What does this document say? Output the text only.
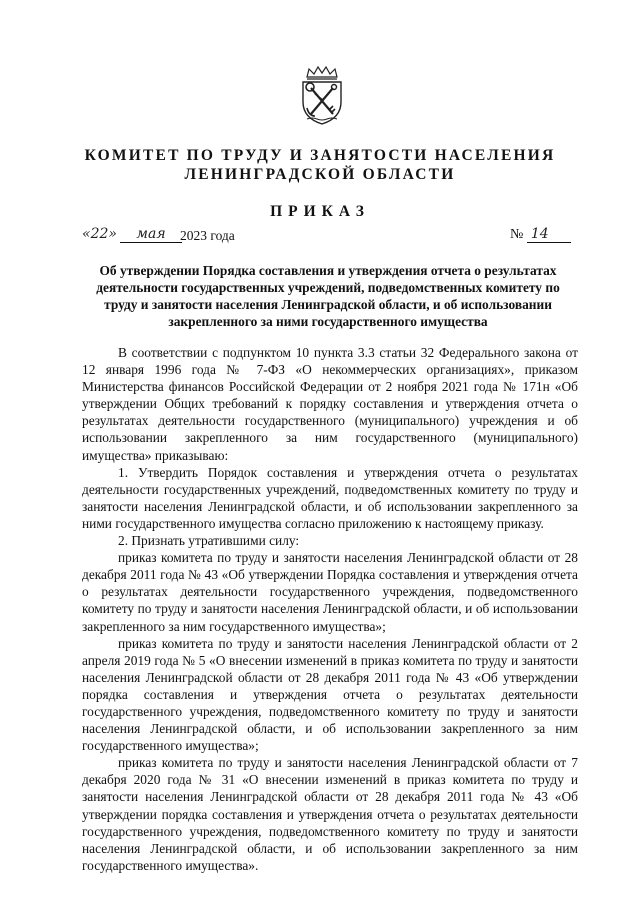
КОМИТЕТ ПО ТРУДУ И ЗАНЯТОСТИ НАСЕЛЕНИЯ
ЛЕНИНГРАДСКОЙ ОБЛАСТИ
ПРИКАЗ
«22»	мая	2023 года	№ 14
Об утверждении Порядка составления и утверждения отчета о результатах деятельности государственных учреждений, подведомственных комитету по труду и занятости населения Ленинградской области, и об использовании закрепленного за ними государственного имущества

В соответствии с подпунктом 10 пункта 3.3 статьи 32 Федерального закона от 12 января 1996 года № 7-ФЗ «О некоммерческих организациях», приказом Министерства финансов Российской Федерации от 2 ноября 2021 года № 171н «Об утверждении Общих требований к порядку составления и утверждения отчета о результатах деятельности государственного (муниципального) учреждения и об использовании закрепленного за ним государственного (муниципального) имущества» приказываю:

1. Утвердить Порядок составления и утверждения отчета о результатах деятельности государственных учреждений, подведомственных комитету по труду и занятости населения Ленинградской области, и об использовании закрепленного за ними государственного имущества согласно приложению к настоящему приказу.

2. Признать утратившими силу:

приказ комитета по труду и занятости населения Ленинградской области от 28 декабря 2011 года № 43 «Об утверждении Порядка составления и утверждения отчета о результатах деятельности государственного учреждения, подведомственного комитету по труду и занятости населения Ленинградской области, и об использовании закрепленного за ним государственного имущества»;

приказ комитета по труду и занятости населения Ленинградской области от 2 апреля 2019 года № 5 «О внесении изменений в приказ комитета по труду и занятости населения Ленинградской области от 28 декабря 2011 года № 43 «Об утверждении порядка составления и утверждения отчета о результатах деятельности государственного учреждения, подведомственного комитету по труду и занятости населения Ленинградской области, и об использовании закрепленного за ним государственного имущества»;

приказ комитета по труду и занятости населения Ленинградской области от 7 декабря 2020 года № 31 «О внесении изменений в приказ комитета по труду и занятости населения Ленинградской области от 28 декабря 2011 года № 43 «Об утверждении порядка составления и утверждения отчета о результатах деятельности государственного учреждения, подведомственного комитету по труду и занятости населения Ленинградской области, и об использовании закрепленного за ним государственного имущества».
